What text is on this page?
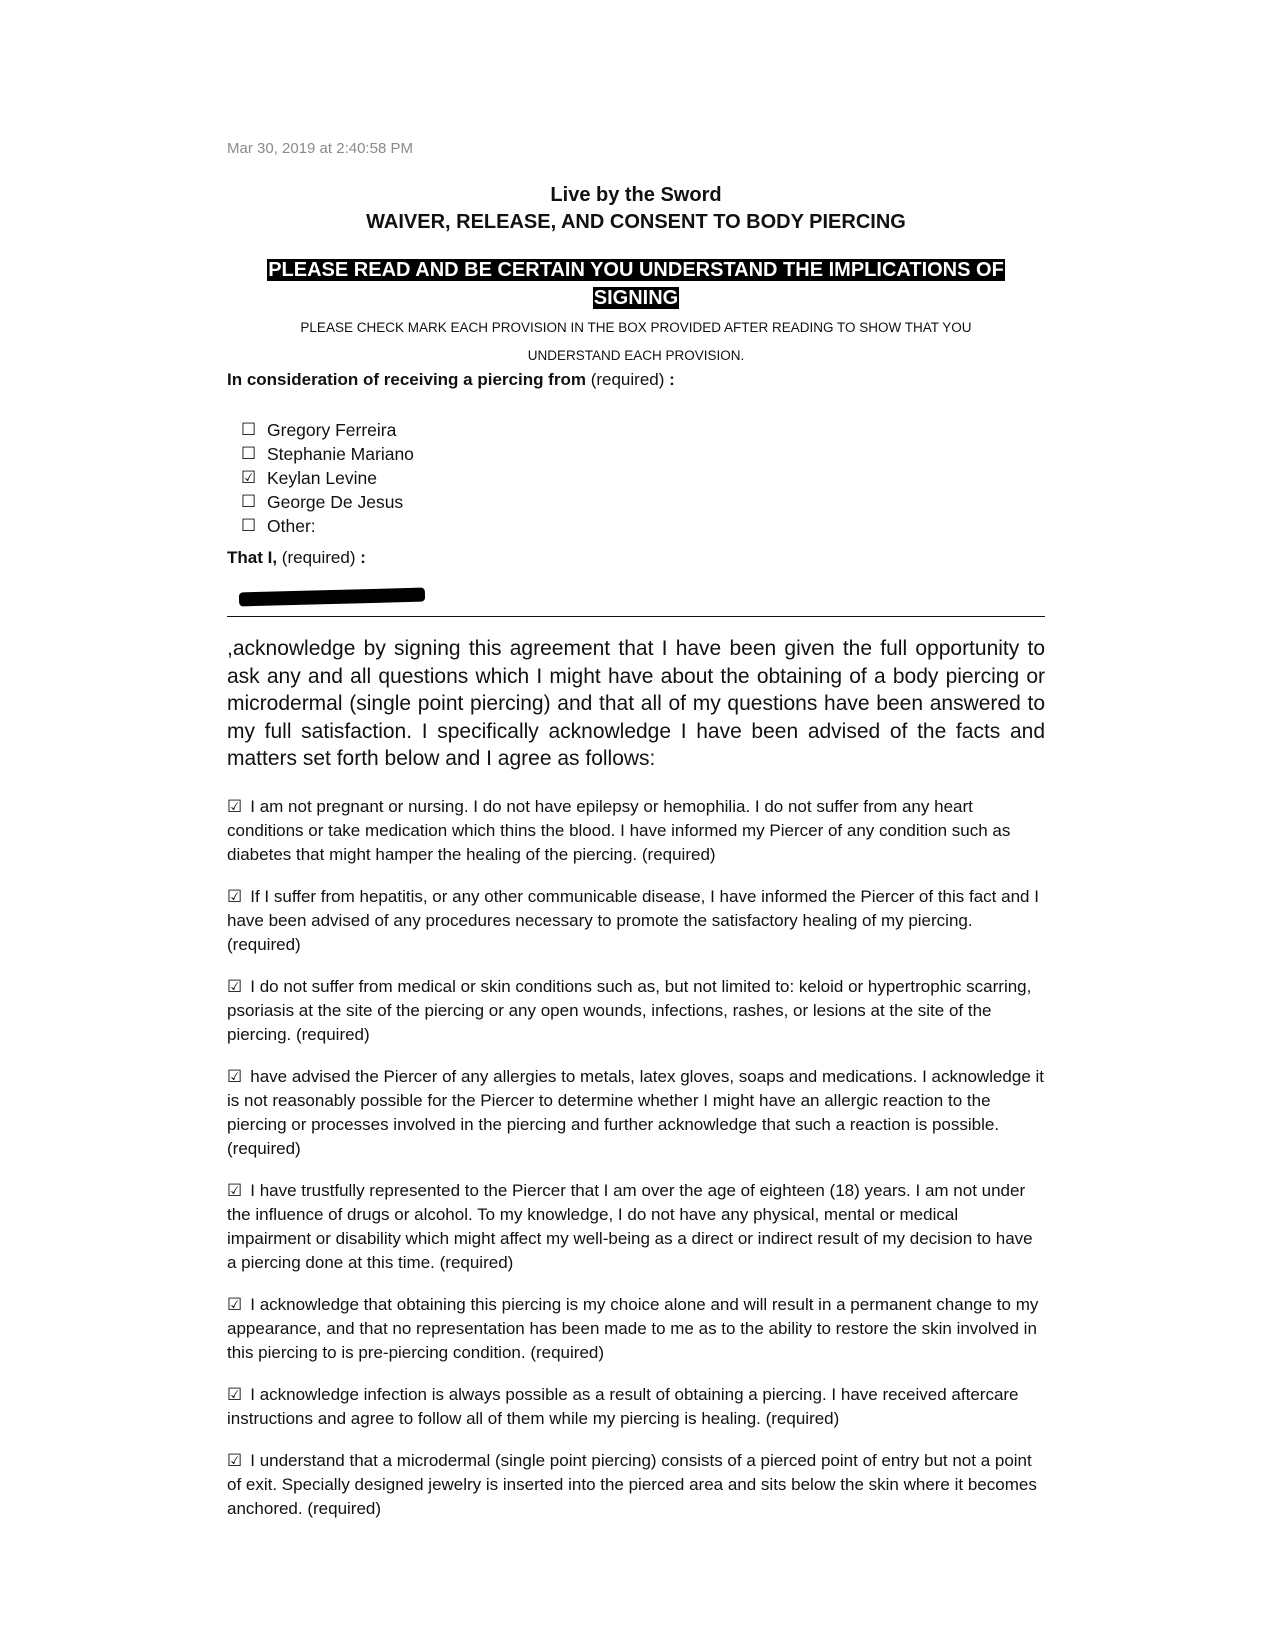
Mar 30, 2019 at 2:40:58 PM
Live by the Sword
WAIVER, RELEASE, AND CONSENT TO BODY PIERCING
PLEASE READ AND BE CERTAIN YOU UNDERSTAND THE IMPLICATIONS OF
SIGNING
PLEASE CHECK MARK EACH PROVISION IN THE BOX PROVIDED AFTER READING TO SHOW THAT YOU
UNDERSTAND EACH PROVISION.
In consideration of receiving a piercing from (required) :
☐ Gregory Ferreira
☐ Stephanie Mariano
☑ Keylan Levine
☐ George De Jesus
☐ Other:
That I, (required) :

,acknowledge by signing this agreement that I have been given the full opportunity to ask any and all questions which I might have about the obtaining of a body piercing or microdermal (single point piercing) and that all of my questions have been answered to my full satisfaction. I specifically acknowledge I have been advised of the facts and matters set forth below and I agree as follows:

☑ I am not pregnant or nursing. I do not have epilepsy or hemophilia. I do not suffer from any heart conditions or take medication which thins the blood. I have informed my Piercer of any condition such as diabetes that might hamper the healing of the piercing. (required)

☑ If I suffer from hepatitis, or any other communicable disease, I have informed the Piercer of this fact and I have been advised of any procedures necessary to promote the satisfactory healing of my piercing. (required)

☑ I do not suffer from medical or skin conditions such as, but not limited to: keloid or hypertrophic scarring, psoriasis at the site of the piercing or any open wounds, infections, rashes, or lesions at the site of the piercing. (required)

☑ have advised the Piercer of any allergies to metals, latex gloves, soaps and medications. I acknowledge it is not reasonably possible for the Piercer to determine whether I might have an allergic reaction to the piercing or processes involved in the piercing and further acknowledge that such a reaction is possible. (required)

☑ I have trustfully represented to the Piercer that I am over the age of eighteen (18) years. I am not under the influence of drugs or alcohol. To my knowledge, I do not have any physical, mental or medical impairment or disability which might affect my well-being as a direct or indirect result of my decision to have a piercing done at this time. (required)

☑ I acknowledge that obtaining this piercing is my choice alone and will result in a permanent change to my appearance, and that no representation has been made to me as to the ability to restore the skin involved in this piercing to is pre-piercing condition. (required)

☑ I acknowledge infection is always possible as a result of obtaining a piercing. I have received aftercare instructions and agree to follow all of them while my piercing is healing. (required)

☑ I understand that a microdermal (single point piercing) consists of a pierced point of entry but not a point of exit. Specially designed jewelry is inserted into the pierced area and sits below the skin where it becomes anchored. (required)
